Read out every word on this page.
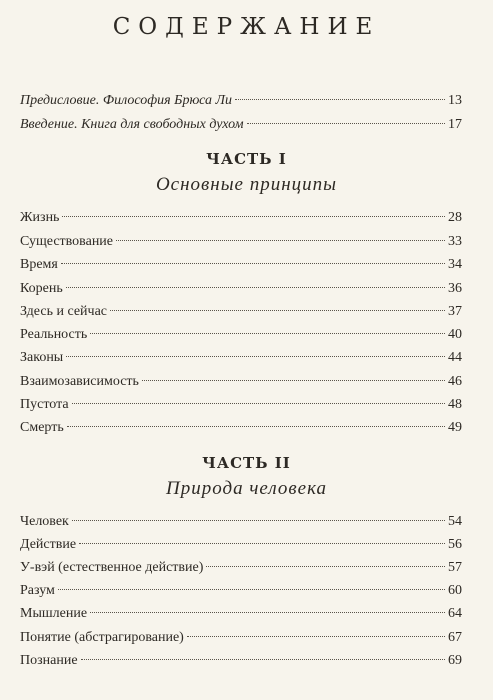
СОДЕРЖАНИЕ
Предисловие. Философия Брюса Ли	13
Введение. Книга для свободных духом	17
ЧАСТЬ I
Основные принципы
Жизнь	28
Существование	33
Время	34
Корень	36
Здесь и сейчас	37
Реальность	40
Законы	44
Взаимозависимость	46
Пустота	48
Смерть	49
ЧАСТЬ II
Природа человека
Человек	54
Действие	56
У-вэй (естественное действие)	57
Разум	60
Мышление	64
Понятие (абстрагирование)	67
Познание	69
